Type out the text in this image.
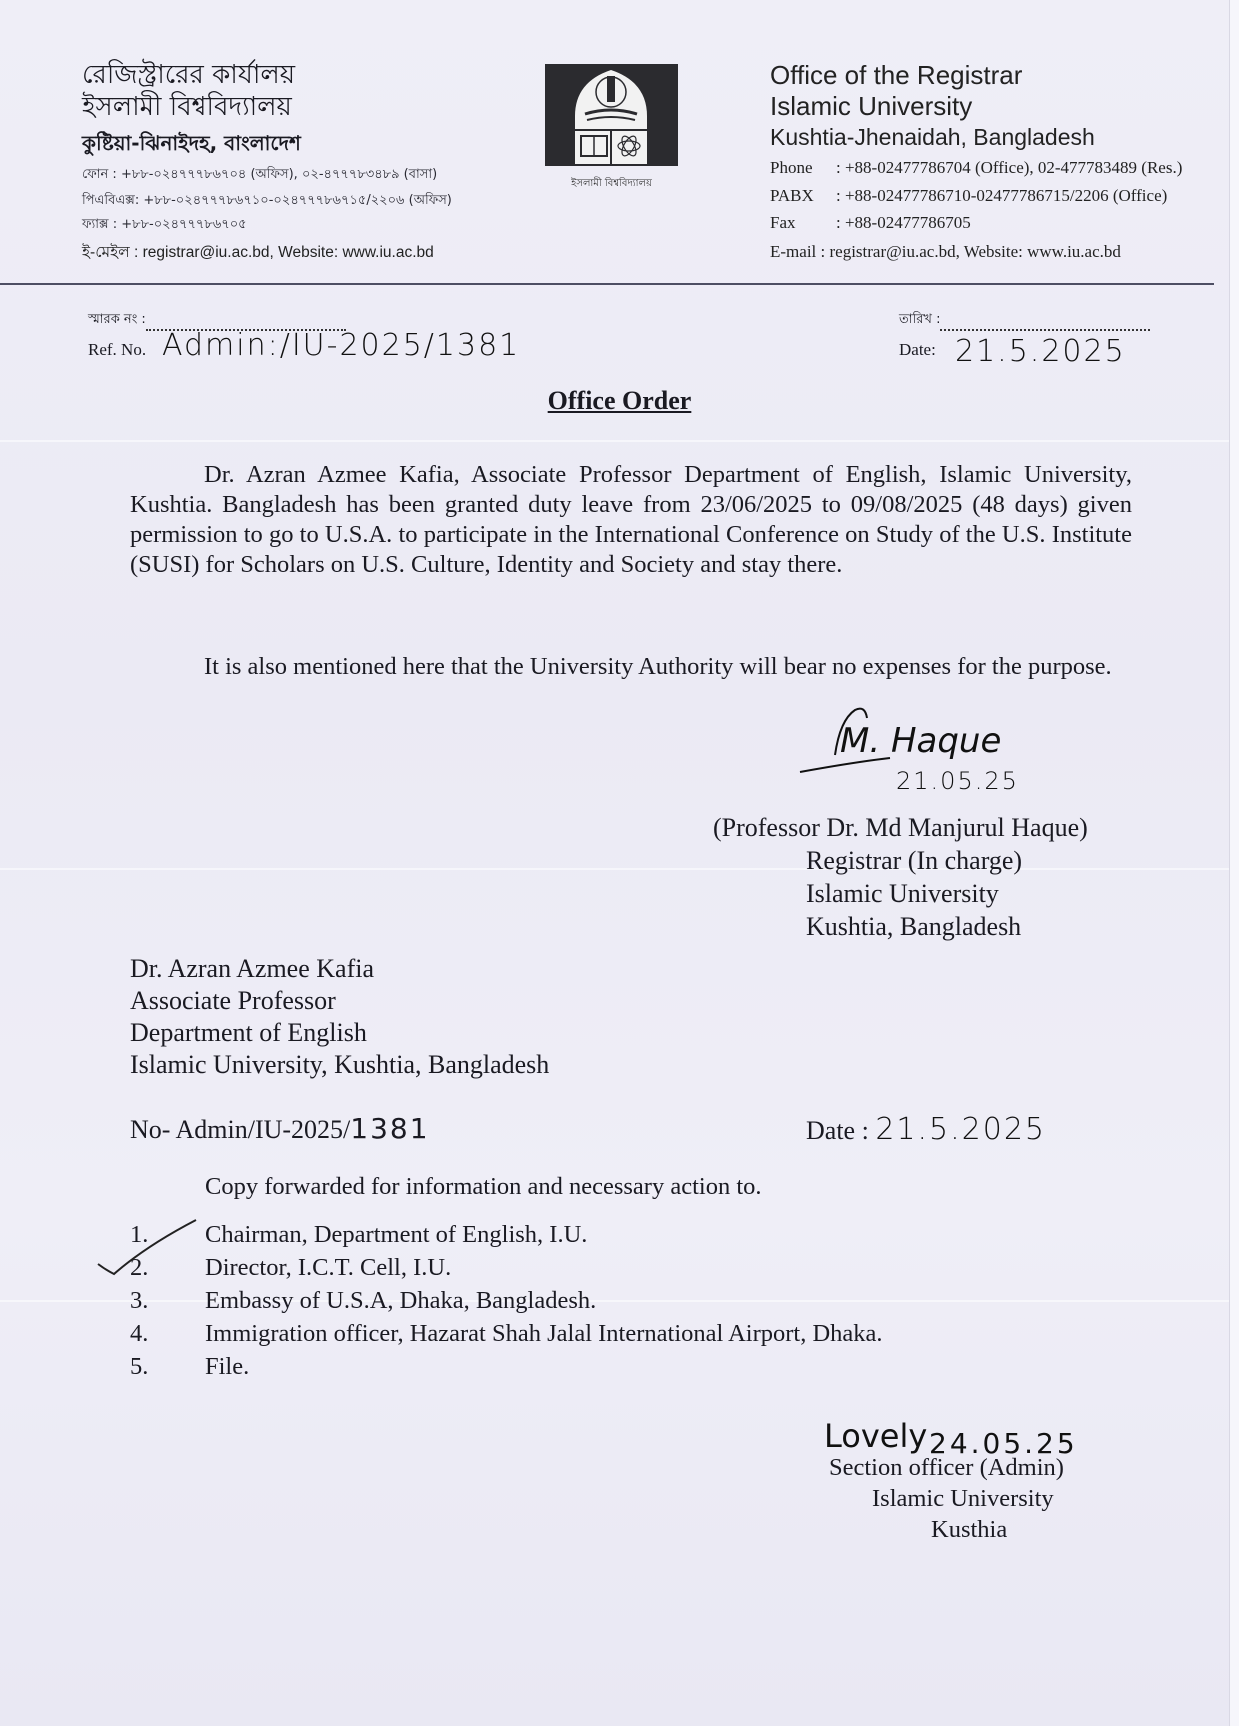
রেজিস্ট্রারের কার্যালয়
ইসলামী বিশ্ববিদ্যালয়
কুষ্টিয়া-ঝিনাইদহ, বাংলাদেশ
ফোন : +৮৮-০২৪৭৭৭৮৬৭০৪ (অফিস), ০২-৪৭৭৭৮৩৪৮৯ (বাসা)
পিএবিএক্স: +৮৮-০২৪৭৭৭৮৬৭১০-০২৪৭৭৭৮৬৭১৫/২২০৬ (অফিস)
ফ্যাক্স : +৮৮-০২৪৭৭৭৮৬৭০৫
ই-মেইল : registrar@iu.ac.bd, Website: www.iu.ac.bd
ইসলামী বিশ্ববিদ্যালয়
Office of the Registrar
Islamic University
Kushtia-Jhenaidah, Bangladesh
Phone : +88-02477786704 (Office), 02-477783489 (Res.)
PABX : +88-02477786710-02477786715/2206 (Office)
Fax : +88-02477786705
E-mail : registrar@iu.ac.bd, Website: www.iu.ac.bd
স্মারক নং :
Ref. No. Admin:/IU-2025/1381
তারিখ :
Date: 21.5.2025
Office Order
Dr. Azran Azmee Kafia, Associate Professor Department of English, Islamic University, Kushtia. Bangladesh has been granted duty leave from 23/06/2025 to 09/08/2025 (48 days) given permission to go to U.S.A. to participate in the International Conference on Study of the U.S. Institute (SUSI) for Scholars on U.S. Culture, Identity and Society and stay there.
It is also mentioned here that the University Authority will bear no expenses for the purpose.
M. Haque
21.05.25
(Professor Dr. Md Manjurul Haque)
Registrar (In charge)
Islamic University
Kushtia, Bangladesh
Dr. Azran Azmee Kafia
Associate Professor
Department of English
Islamic University, Kushtia, Bangladesh
No- Admin/IU-2025/1381	Date : 21.5.2025
Copy forwarded for information and necessary action to.
1. Chairman, Department of English, I.U.
2. Director, I.C.T. Cell, I.U.
3. Embassy of U.S.A, Dhaka, Bangladesh.
4. Immigration officer, Hazarat Shah Jalal International Airport, Dhaka.
5. File.
Lovely 24.05.25
Section officer (Admin)
Islamic University
Kusthia
